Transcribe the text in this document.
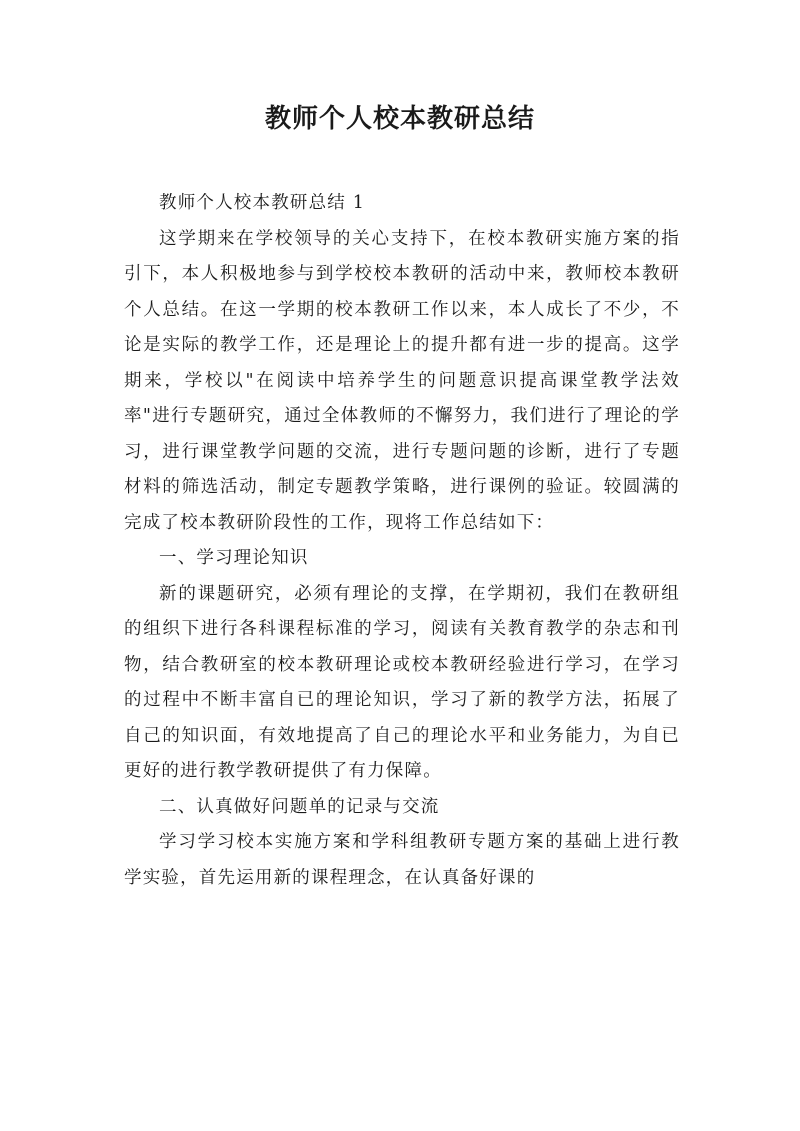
教师个人校本教研总结

教师个人校本教研总结 1

这学期来在学校领导的关心支持下，在校本教研实施方案的指引下，本人积极地参与到学校校本教研的活动中来，教师校本教研个人总结。在这一学期的校本教研工作以来，本人成长了不少，不论是实际的教学工作，还是理论上的提升都有进一步的提高。这学期来，学校以"在阅读中培养学生的问题意识提高课堂教学法效率"进行专题研究，通过全体教师的不懈努力，我们进行了理论的学习，进行课堂教学问题的交流，进行专题问题的诊断，进行了专题材料的筛选活动，制定专题教学策略，进行课例的验证。较圆满的完成了校本教研阶段性的工作，现将工作总结如下：

一、学习理论知识

新的课题研究，必须有理论的支撑，在学期初，我们在教研组的组织下进行各科课程标准的学习，阅读有关教育教学的杂志和刊物，结合教研室的校本教研理论或校本教研经验进行学习，在学习的过程中不断丰富自已的理论知识，学习了新的教学方法，拓展了自己的知识面，有效地提高了自己的理论水平和业务能力，为自已更好的进行教学教研提供了有力保障。

二、认真做好问题单的记录与交流

学习学习校本实施方案和学科组教研专题方案的基础上进行教学实验，首先运用新的课程理念，在认真备好课的
